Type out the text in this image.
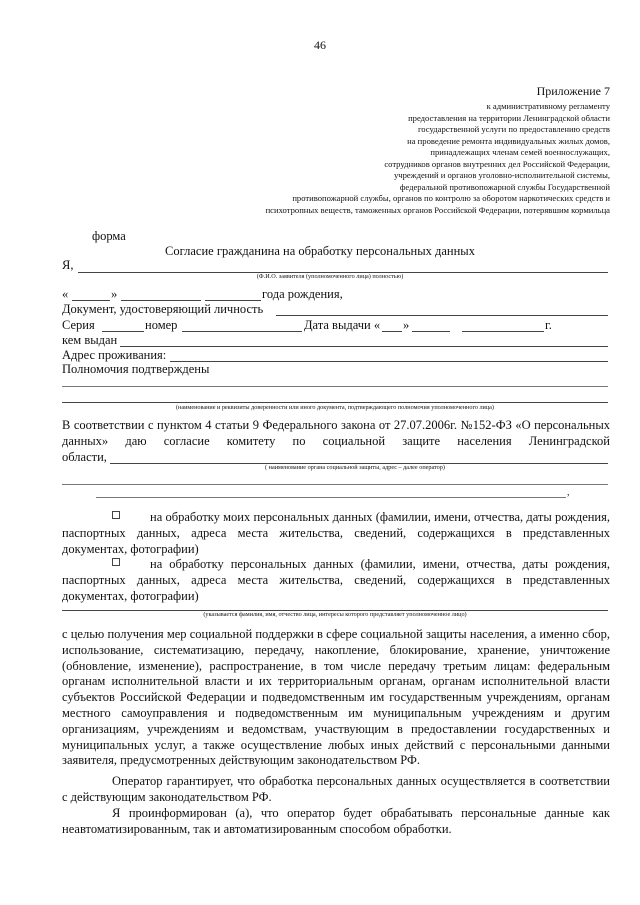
46
Приложение 7
к административному регламенту
предоставления на территории Ленинградской области
государственной услуги по предоставлению средств
на проведение ремонта индивидуальных жилых домов,
принадлежащих членам семей военнослужащих,
сотрудников органов внутренних дел Российской Федерации,
учреждений и органов уголовно-исполнительной системы,
федеральной противопожарной службы Государственной
противопожарной службы, органов по контролю за оборотом наркотических средств и
психотропных веществ, таможенных органов Российской Федерации, потерявшим кормильца
форма
Согласие гражданина на обработку персональных данных
Я,
(Ф.И.О. заявителя (уполномоченного лица) полностью)
«	»	года рождения,
Документ, удостоверяющий личность
Серия	номер	Дата выдачи « »	г.
кем выдан
Адрес проживания:
Полномочия подтверждены
(наименование и реквизиты доверенности или иного документа, подтверждающего полномочия уполномоченного лица)
В соответствии с пунктом 4 статьи 9 Федерального закона от 27.07.2006г. №152-ФЗ «О персональных данных» даю согласие комитету по социальной защите населения Ленинградской
области,
( наименование органа социальной защиты, адрес – далее оператор)
,
на обработку моих персональных данных (фамилии, имени, отчества, даты рождения, паспортных данных, адреса места жительства, сведений, содержащихся в представленных документах, фотографии)
на обработку персональных данных (фамилии, имени, отчества, даты рождения, паспортных данных, адреса места жительства, сведений, содержащихся в представленных документах, фотографии)
(указывается фамилия, имя, отчество лица, интересы которого представляет уполномоченное лицо)
с целью получения мер социальной поддержки в сфере социальной защиты населения, а именно сбор, использование, систематизацию, передачу, накопление, блокирование, хранение, уничтожение (обновление, изменение), распространение, в том числе передачу третьим лицам: федеральным органам исполнительной власти и их территориальным органам, органам исполнительной власти субъектов Российской Федерации и подведомственным им государственным учреждениям, органам местного самоуправления и подведомственным им муниципальным учреждениям и другим организациям, учреждениям и ведомствам, участвующим в предоставлении государственных и муниципальных услуг, а также осуществление любых иных действий с персональными данными заявителя, предусмотренных действующим законодательством РФ.
Оператор гарантирует, что обработка персональных данных осуществляется в соответствии с действующим законодательством РФ.
Я проинформирован (а), что оператор будет обрабатывать персональные данные как неавтоматизированным, так и автоматизированным способом обработки.
